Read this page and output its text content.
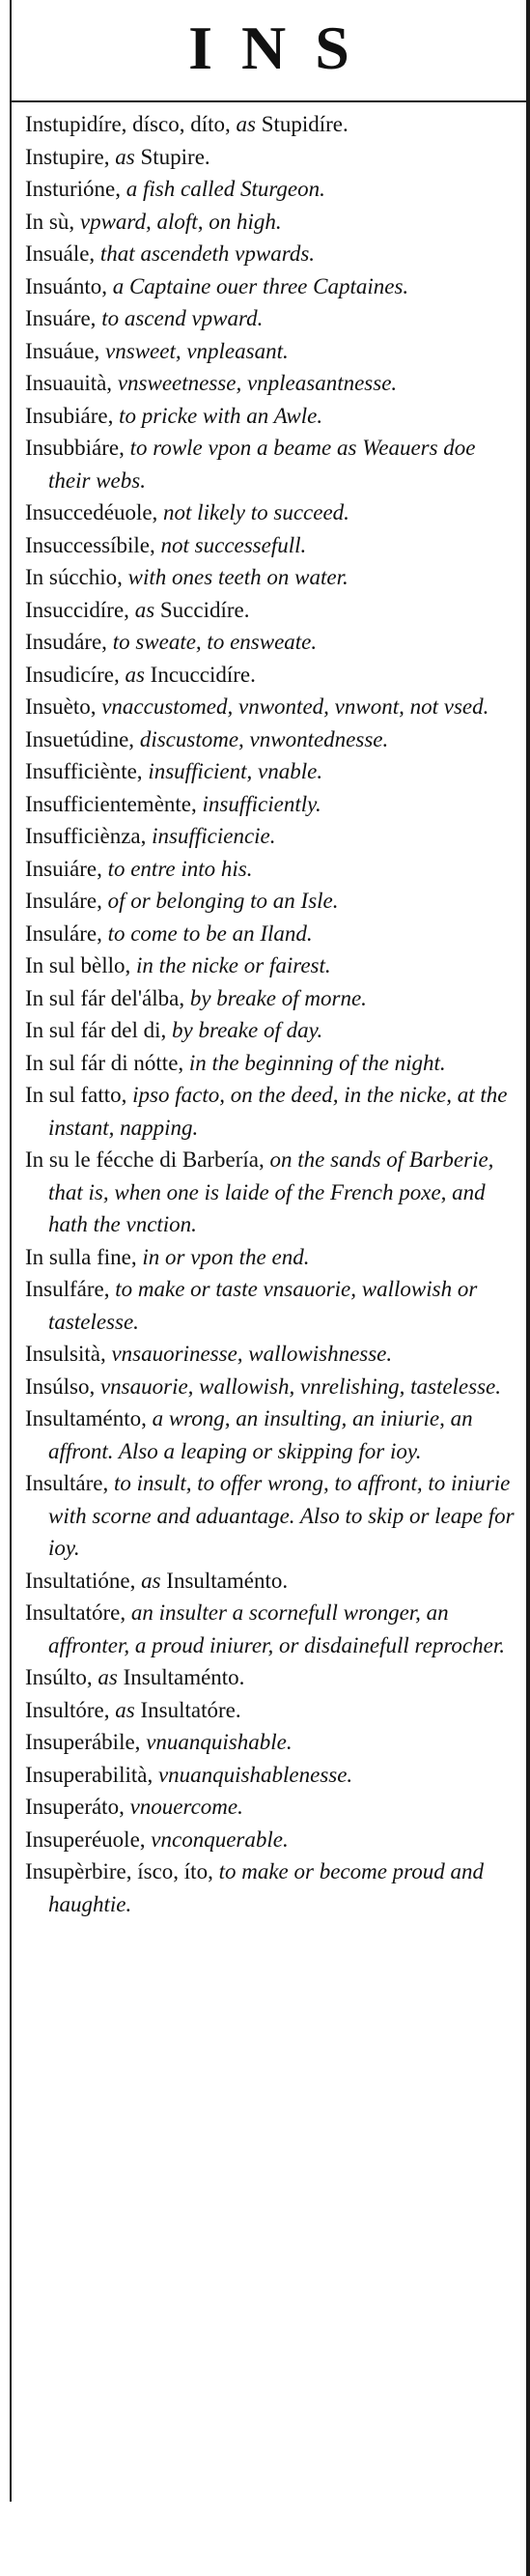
INS
Instupidíre, dísco, díto, as Stupidíre.
Instupire, as Stupire.
Insturióne, a fish called Sturgeon.
In sù, vpward, aloft, on high.
Insuále, that ascendeth vpwards.
Insuánto, a Captaine ouer three Captaines.
Insuáre, to ascend vpward.
Insuáue, vnsweet, vnpleasant.
Insuauità, vnsweetnesse, vnpleasantnesse.
Insubiáre, to pricke with an Awle.
Insubbiáre, to rowle vpon a beame as Weauers doe their webs.
Insuccedéuole, not likely to succeed.
Insuccessíbile, not successefull.
In súcchio, with ones teeth on water.
Insuccidíre, as Succidíre.
Insudáre, to sweate, to ensweate.
Insudicíre, as Incuccidíre.
Insuèto, vnaccustomed, vnwonted, vnwont, not vsed.
Insuetúdine, discustome, vnwontednesse.
Insufficiènte, insufficient, vnable.
Insufficientemènte, insufficiently.
Insufficiènza, insufficiencie.
Insuiáre, to entre into his.
Insuláre, of or belonging to an Isle.
Insuláre, to come to be an Iland.
In sul bèllo, in the nicke or fairest.
In sul fár del'álba, by breake of morne.
In sul fár del di, by breake of day.
In sul fár di nótte, in the beginning of the night.
In sul fatto, ipso facto, on the deed, in the nicke, at the instant, napping.
In su le fécche di Barbería, on the sands of Barberie, that is, when one is laide of the French poxe, and hath the vnction.
In sulla fine, in or vpon the end.
Insulfáre, to make or taste vnsauorie, wallowish or tastelesse.
Insulsità, vnsauorinesse, wallowishnesse.
Insúlso, vnsauorie, wallowish, vnrelishing, tastelesse.
Insultaménto, a wrong, an insulting, an iniurie, an affront. Also a leaping or skipping for ioy.
Insultáre, to insult, to offer wrong, to affront, to iniurie with scorne and aduantage. Also to skip or leape for ioy.
Insultatióne, as Insultaménto.
Insultatóre, an insulter a scornefull wronger, an affronter, a proud iniurer, or disdainefull reprocher.
Insúlto, as Insultaménto.
Insultóre, as Insultatóre.
Insuperábile, vnuanquishable.
Insuperabilità, vnuanquishablenesse.
Insuperáto, vnouercome.
Insuperéuole, vnconquerable.
Insupèrbire, ísco, íto, to make or become proud and haughtie.
